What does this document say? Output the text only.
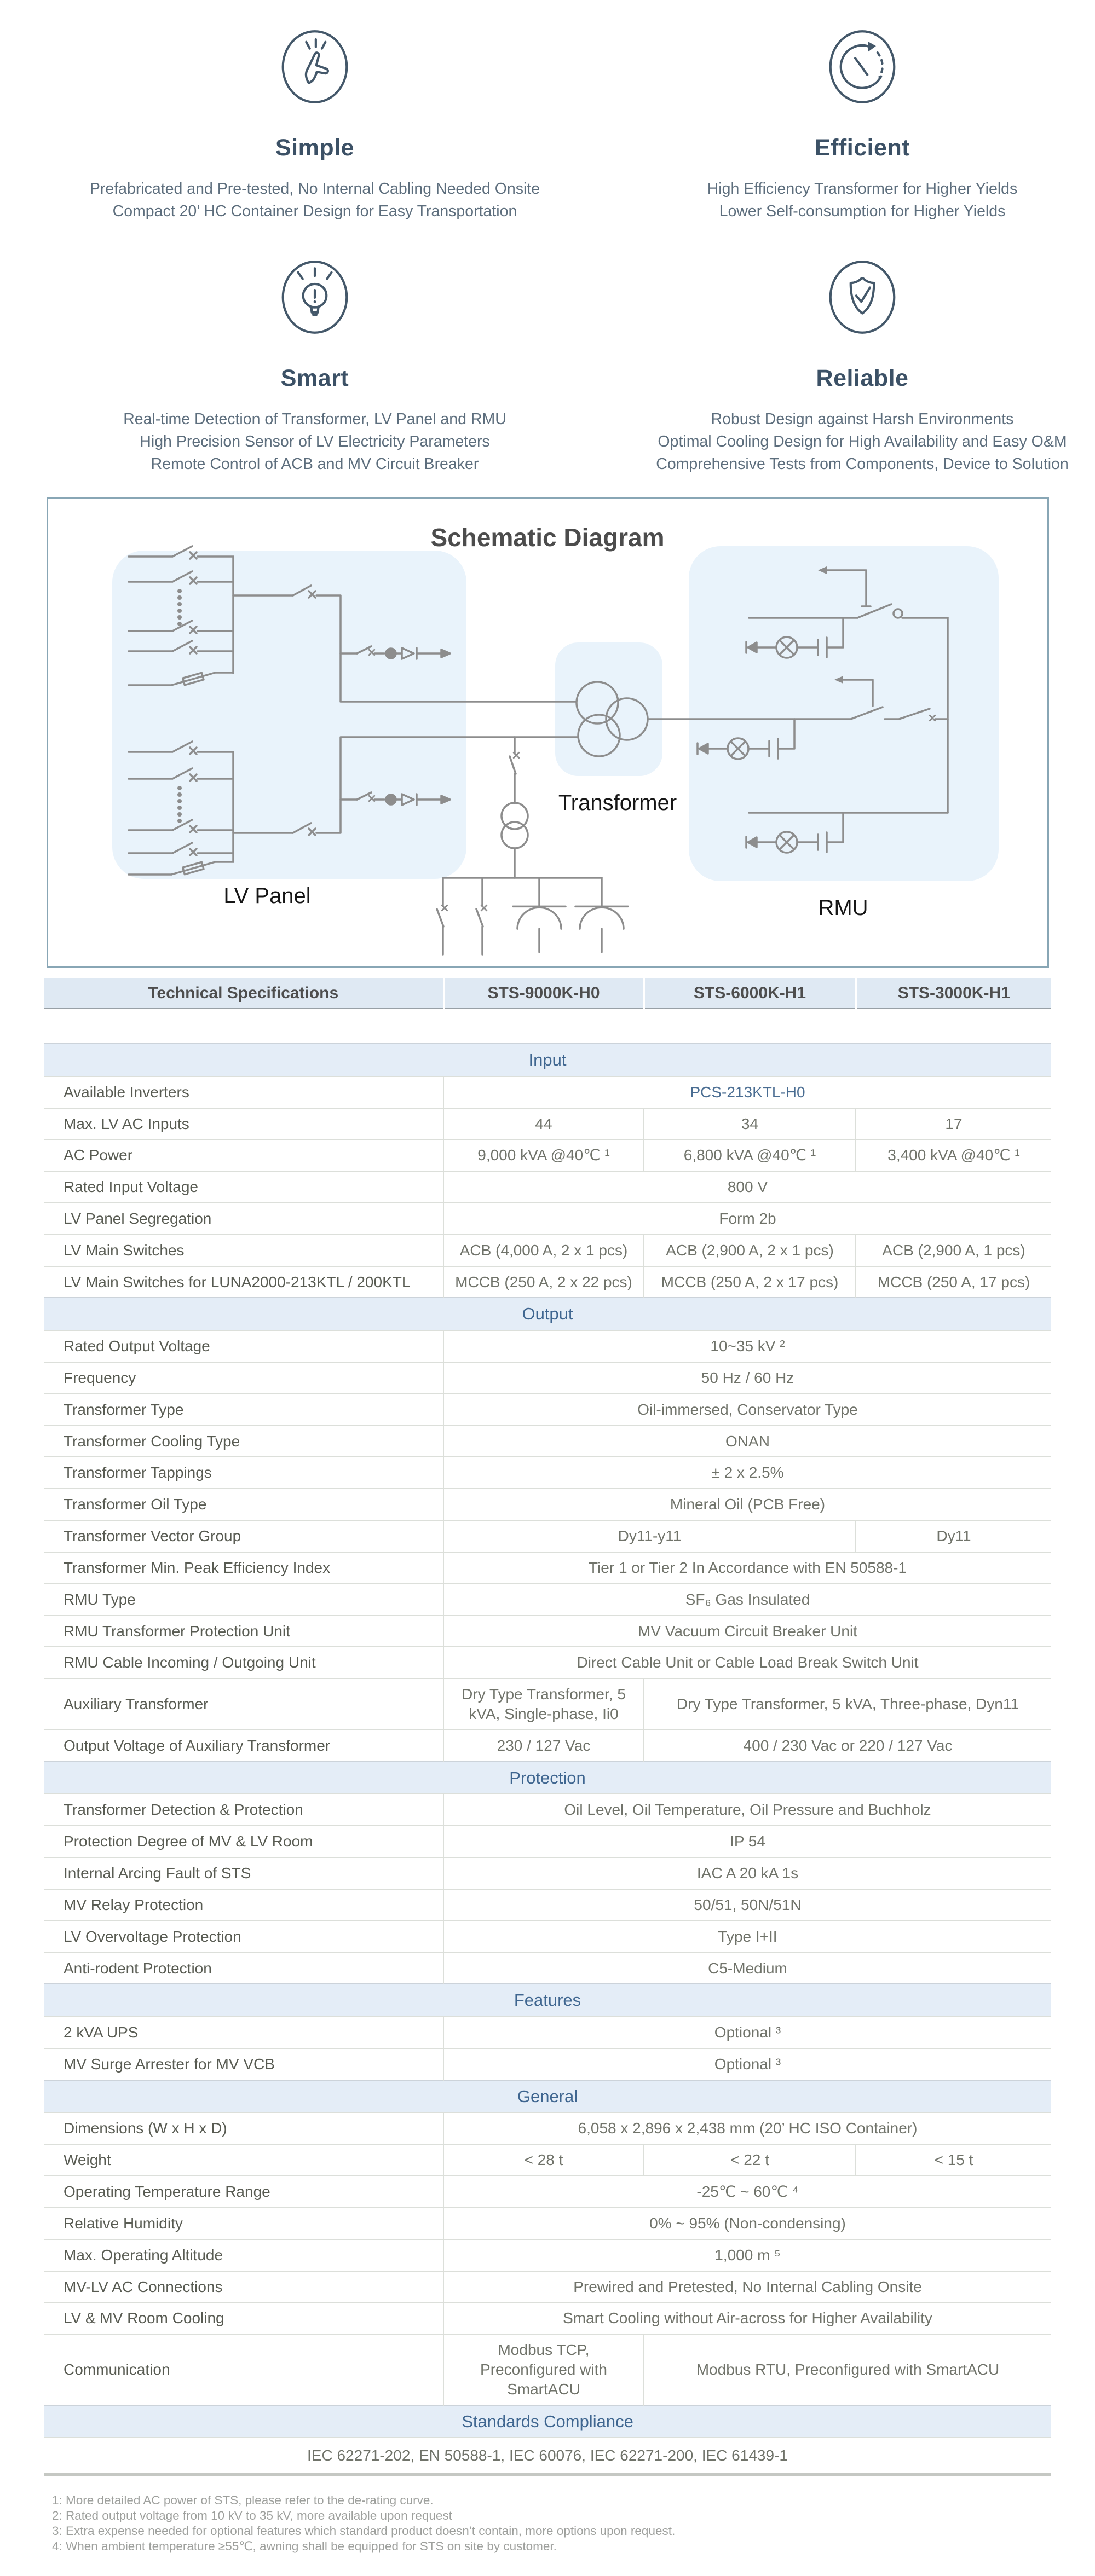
Simple
Prefabricated and Pre-tested, No Internal Cabling Needed Onsite
Compact 20’ HC Container Design for Easy Transportation
Efficient
High Efficiency Transformer for Higher Yields
Lower Self-consumption for Higher Yields
Smart
Real-time Detection of Transformer, LV Panel and RMU
High Precision Sensor of LV Electricity Parameters
Remote Control of ACB and MV Circuit Breaker
Reliable
Robust Design against Harsh Environments
Optimal Cooling Design for High Availability and Easy O&M
Comprehensive Tests from Components, Device to Solution
Schematic Diagram
LV Panel
Transformer
RMU
Technical Specifications	STS-9000K-H0	STS-6000K-H1	STS-3000K-H1

Input			
Available Inverters	PCS-213KTL-H0		
Max. LV AC Inputs	44	34	17
AC Power	9,000 kVA @40℃ ¹	6,800 kVA @40℃ ¹	3,400 kVA @40℃ ¹
Rated Input Voltage	800 V		
LV Panel Segregation	Form 2b		
LV Main Switches	ACB (4,000 A, 2 x 1 pcs)	ACB (2,900 A, 2 x 1 pcs)	ACB (2,900 A, 1 pcs)
LV Main Switches for LUNA2000-213KTL / 200KTL	MCCB (250 A, 2 x 22 pcs)	MCCB (250 A, 2 x 17 pcs)	MCCB (250 A, 17 pcs)
Output			
Rated Output Voltage	10~35 kV ²		
Frequency	50 Hz / 60 Hz		
Transformer Type	Oil-immersed, Conservator Type		
Transformer Cooling Type	ONAN		
Transformer Tappings	± 2 x 2.5%		
Transformer Oil Type	Mineral Oil (PCB Free)		
Transformer Vector Group	Dy11-y11		Dy11
Transformer Min. Peak Efficiency Index	Tier 1 or Tier 2 In Accordance with EN 50588-1		
RMU Type	SF₆ Gas Insulated		
RMU Transformer Protection Unit	MV Vacuum Circuit Breaker Unit		
RMU Cable Incoming / Outgoing Unit	Direct Cable Unit or Cable Load Break Switch Unit		
Auxiliary Transformer	Dry Type Transformer, 5 kVA, Single-phase, Ii0	Dry Type Transformer, 5 kVA, Three-phase, Dyn11	
Output Voltage of Auxiliary Transformer	230 / 127 Vac	400 / 230 Vac or 220 / 127 Vac	
Protection			
Transformer Detection & Protection	Oil Level, Oil Temperature, Oil Pressure and Buchholz		
Protection Degree of MV & LV Room	IP 54		
Internal Arcing Fault of STS	IAC A 20 kA 1s		
MV Relay Protection	50/51, 50N/51N		
LV Overvoltage Protection	Type I+II		
Anti-rodent Protection	C5-Medium		
Features			
2 kVA UPS	Optional ³		
MV Surge Arrester for MV VCB	Optional ³		
General			
Dimensions (W x H x D)	6,058 x 2,896 x 2,438 mm (20’ HC ISO Container)		
Weight	< 28 t	< 22 t	< 15 t
Operating Temperature Range	-25℃ ~ 60℃ ⁴		
Relative Humidity	0% ~ 95% (Non-condensing)		
Max. Operating Altitude	1,000 m ⁵		
MV-LV AC Connections	Prewired and Pretested, No Internal Cabling Onsite		
LV & MV Room Cooling	Smart Cooling without Air-across for Higher Availability		
Communication	Modbus TCP, Preconfigured with SmartACU	Modbus RTU, Preconfigured with SmartACU	
Standards Compliance			
IEC 62271-202, EN 50588-1, IEC 60076, IEC 62271-200, IEC 61439-1			
1: More detailed AC power of STS, please refer to the de-rating curve.
2: Rated output voltage from 10 kV to 35 kV, more available upon request
3: Extra expense needed for optional features which standard product doesn’t contain, more options upon request.
4: When ambient temperature ≥55℃, awning shall be equipped for STS on site by customer.
